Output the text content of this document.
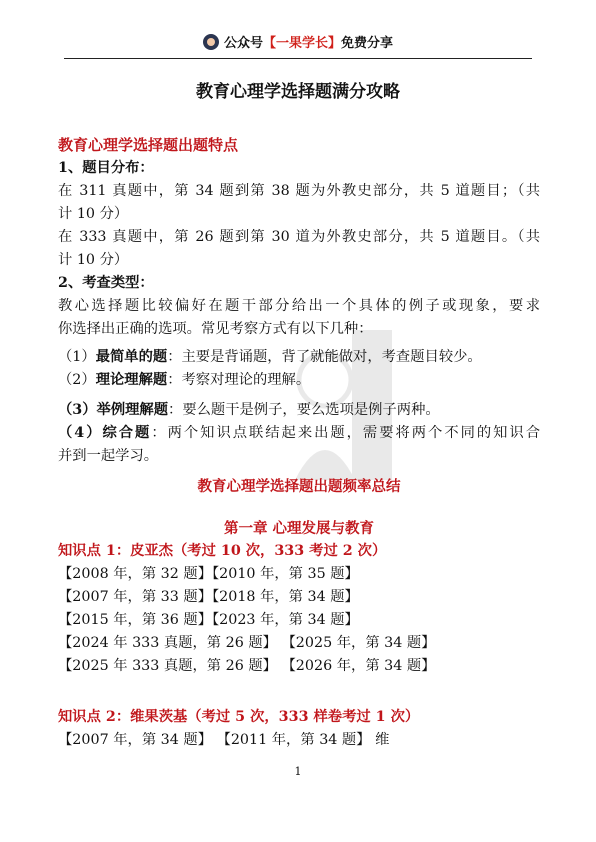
公众号【一果学长】免费分享
教育心理学选择题满分攻略
教育心理学选择题出题特点
1、题目分布：
在 311 真题中，第 34 题到第 38 题为外教史部分，共 5 道题目；（共
计 10 分）
在 333 真题中，第 26 题到第 30 道为外教史部分，共 5 道题目。（共
计 10 分）
2、考查类型：
教心选择题比较偏好在题干部分给出一个具体的例子或现象，要求
你选择出正确的选项。常见考察方式有以下几种：
（1）最简单的题：主要是背诵题，背了就能做对，考查题目较少。
（2）理论理解题：考察对理论的理解。
（3）举例理解题：要么题干是例子，要么选项是例子两种。
（4）综合题：两个知识点联结起来出题，需要将两个不同的知识合
并到一起学习。
教育心理学选择题出题频率总结
第一章 心理发展与教育
知识点 1：皮亚杰（考过 10 次，333 考过 2 次）
【2008 年，第 32 题】【2010 年，第 35 题】
【2007 年，第 33 题】【2018 年，第 34 题】
【2015 年，第 36 题】【2023 年，第 34 题】
【2024 年 333 真题，第 26 题】 【2025 年，第 34 题】
【2025 年 333 真题，第 26 题】 【2026 年，第 34 题】
知识点 2：维果茨基（考过 5 次，333 样卷考过 1 次）
【2007 年，第 34 题】 【2011 年，第 34 题】 维
1
